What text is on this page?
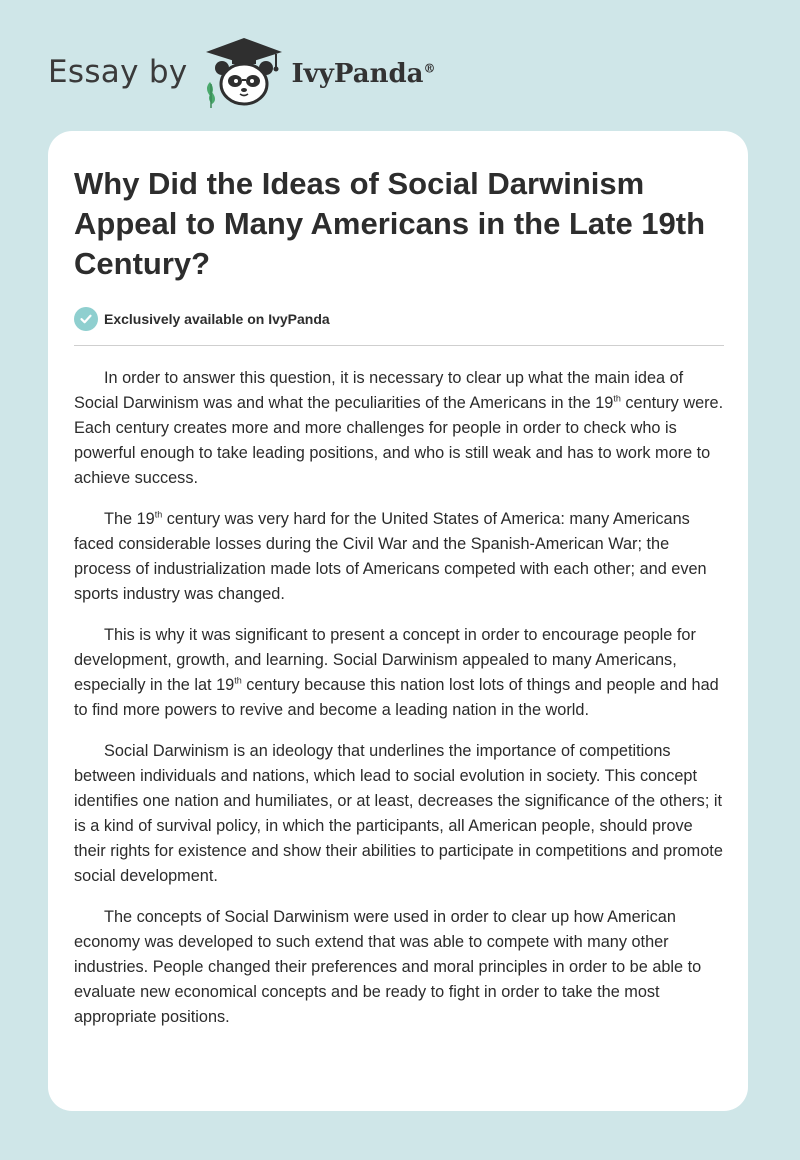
Essay by	IvyPanda®
Why Did the Ideas of Social Darwinism Appeal to Many Americans in the Late 19th Century?
Exclusively available on IvyPanda

In order to answer this question, it is necessary to clear up what the main idea of Social Darwinism was and what the peculiarities of the Americans in the 19th century were. Each century creates more and more challenges for people in order to check who is powerful enough to take leading positions, and who is still weak and has to work more to achieve success.

The 19th century was very hard for the United States of America: many Americans faced considerable losses during the Civil War and the Spanish-American War; the process of industrialization made lots of Americans competed with each other; and even sports industry was changed.

This is why it was significant to present a concept in order to encourage people for development, growth, and learning. Social Darwinism appealed to many Americans, especially in the lat 19th century because this nation lost lots of things and people and had to find more powers to revive and become a leading nation in the world.

Social Darwinism is an ideology that underlines the importance of competitions between individuals and nations, which lead to social evolution in society. This concept identifies one nation and humiliates, or at least, decreases the significance of the others; it is a kind of survival policy, in which the participants, all American people, should prove their rights for existence and show their abilities to participate in competitions and promote social development.

The concepts of Social Darwinism were used in order to clear up how American economy was developed to such extend that was able to compete with many other industries. People changed their preferences and moral principles in order to be able to evaluate new economical concepts and be ready to fight in order to take the most appropriate positions.
